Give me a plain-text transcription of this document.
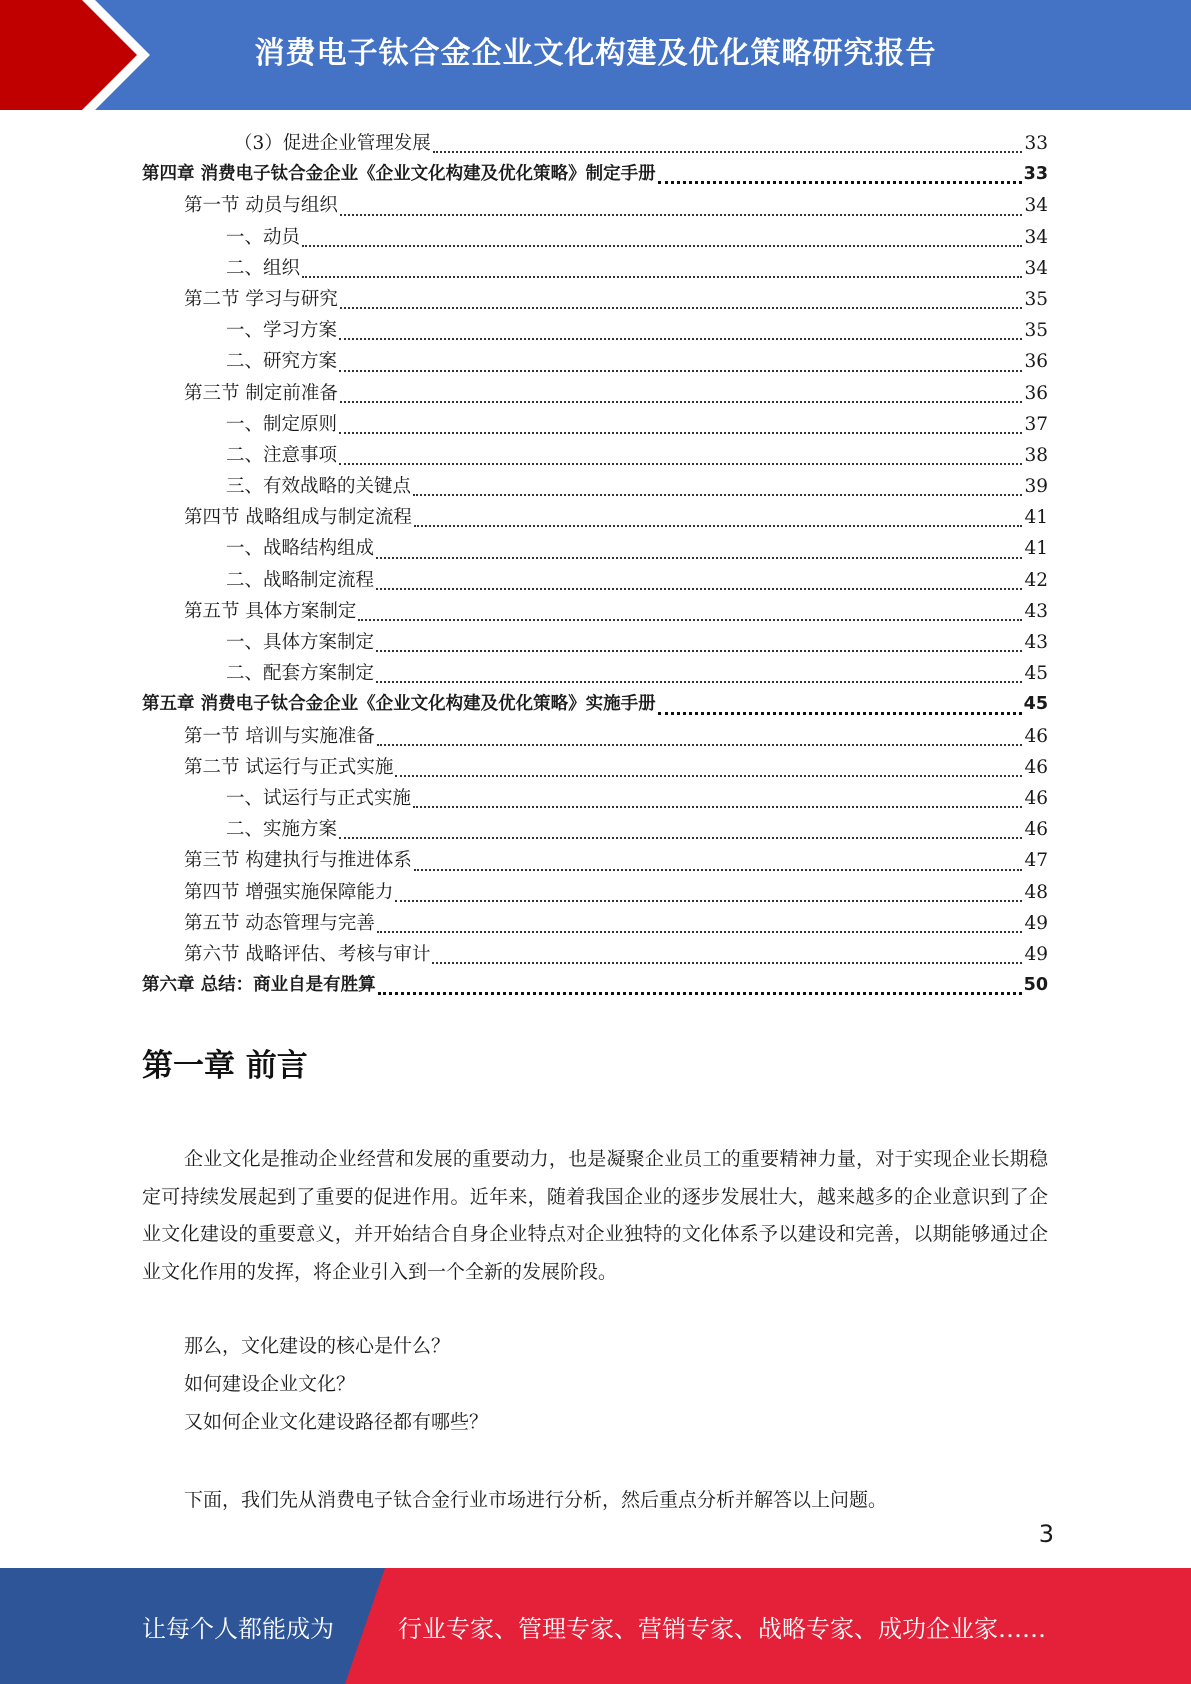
消费电子钛合金企业文化构建及优化策略研究报告
（3）促进企业管理发展	33
第四章 消费电子钛合金企业《企业文化构建及优化策略》制定手册	33
第一节 动员与组织	34
一、动员	34
二、组织	34
第二节 学习与研究	35
一、学习方案	35
二、研究方案	36
第三节 制定前准备	36
一、制定原则	37
二、注意事项	38
三、有效战略的关键点	39
第四节 战略组成与制定流程	41
一、战略结构组成	41
二、战略制定流程	42
第五节 具体方案制定	43
一、具体方案制定	43
二、配套方案制定	45
第五章 消费电子钛合金企业《企业文化构建及优化策略》实施手册	45
第一节 培训与实施准备	46
第二节 试运行与正式实施	46
一、试运行与正式实施	46
二、实施方案	46
第三节 构建执行与推进体系	47
第四节 增强实施保障能力	48
第五节 动态管理与完善	49
第六节 战略评估、考核与审计	49
第六章 总结：商业自是有胜算	50
第一章 前言

企业文化是推动企业经营和发展的重要动力，也是凝聚企业员工的重要精神力量，对于实现企业长期稳定可持续发展起到了重要的促进作用。近年来，随着我国企业的逐步发展壮大，越来越多的企业意识到了企业文化建设的重要意义，并开始结合自身企业特点对企业独特的文化体系予以建设和完善，以期能够通过企业文化作用的发挥，将企业引入到一个全新的发展阶段。

那么，文化建设的核心是什么？

如何建设企业文化？

又如何企业文化建设路径都有哪些？

下面，我们先从消费电子钛合金行业市场进行分析，然后重点分析并解答以上问题。

3
让每个人都能成为	行业专家、管理专家、营销专家、战略专家、成功企业家……
